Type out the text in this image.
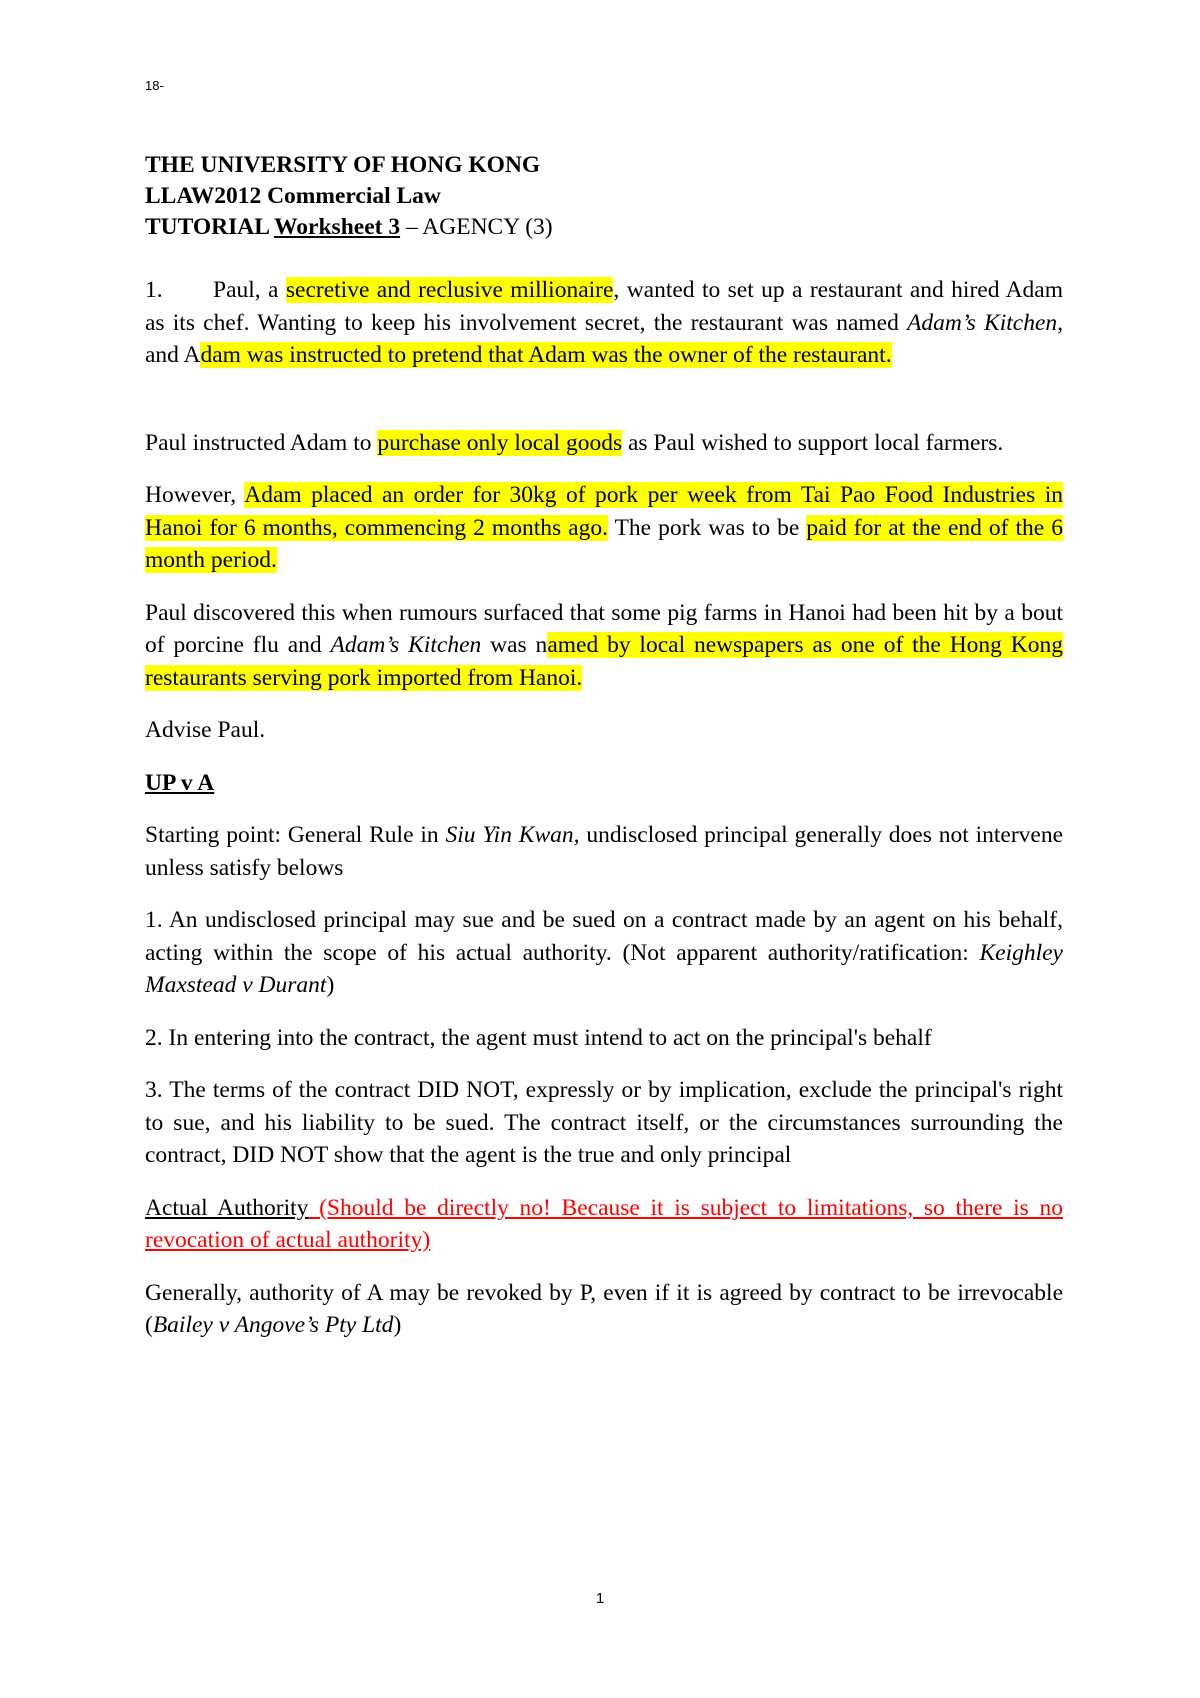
18-
THE UNIVERSITY OF HONG KONG
LLAW2012 Commercial Law
TUTORIAL Worksheet 3 – AGENCY (3)

1. Paul, a secretive and reclusive millionaire, wanted to set up a restaurant and hired Adam as its chef. Wanting to keep his involvement secret, the restaurant was named Adam’s Kitchen, and Adam was instructed to pretend that Adam was the owner of the restaurant.

Paul instructed Adam to purchase only local goods as Paul wished to support local farmers.

However, Adam placed an order for 30kg of pork per week from Tai Pao Food Industries in Hanoi for 6 months, commencing 2 months ago. The pork was to be paid for at the end of the 6 month period.

Paul discovered this when rumours surfaced that some pig farms in Hanoi had been hit by a bout of porcine flu and Adam’s Kitchen was named by local newspapers as one of the Hong Kong restaurants serving pork imported from Hanoi.

Advise Paul.

UP v A

Starting point: General Rule in Siu Yin Kwan, undisclosed principal generally does not intervene unless satisfy belows

1. An undisclosed principal may sue and be sued on a contract made by an agent on his behalf, acting within the scope of his actual authority. (Not apparent authority/ratification: Keighley Maxstead v Durant)

2. In entering into the contract, the agent must intend to act on the principal's behalf

3. The terms of the contract DID NOT, expressly or by implication, exclude the principal's right to sue, and his liability to be sued. The contract itself, or the circumstances surrounding the contract, DID NOT show that the agent is the true and only principal

Actual Authority (Should be directly no! Because it is subject to limitations, so there is no revocation of actual authority)

Generally, authority of A may be revoked by P, even if it is agreed by contract to be irrevocable (Bailey v Angove’s Pty Ltd)

1
